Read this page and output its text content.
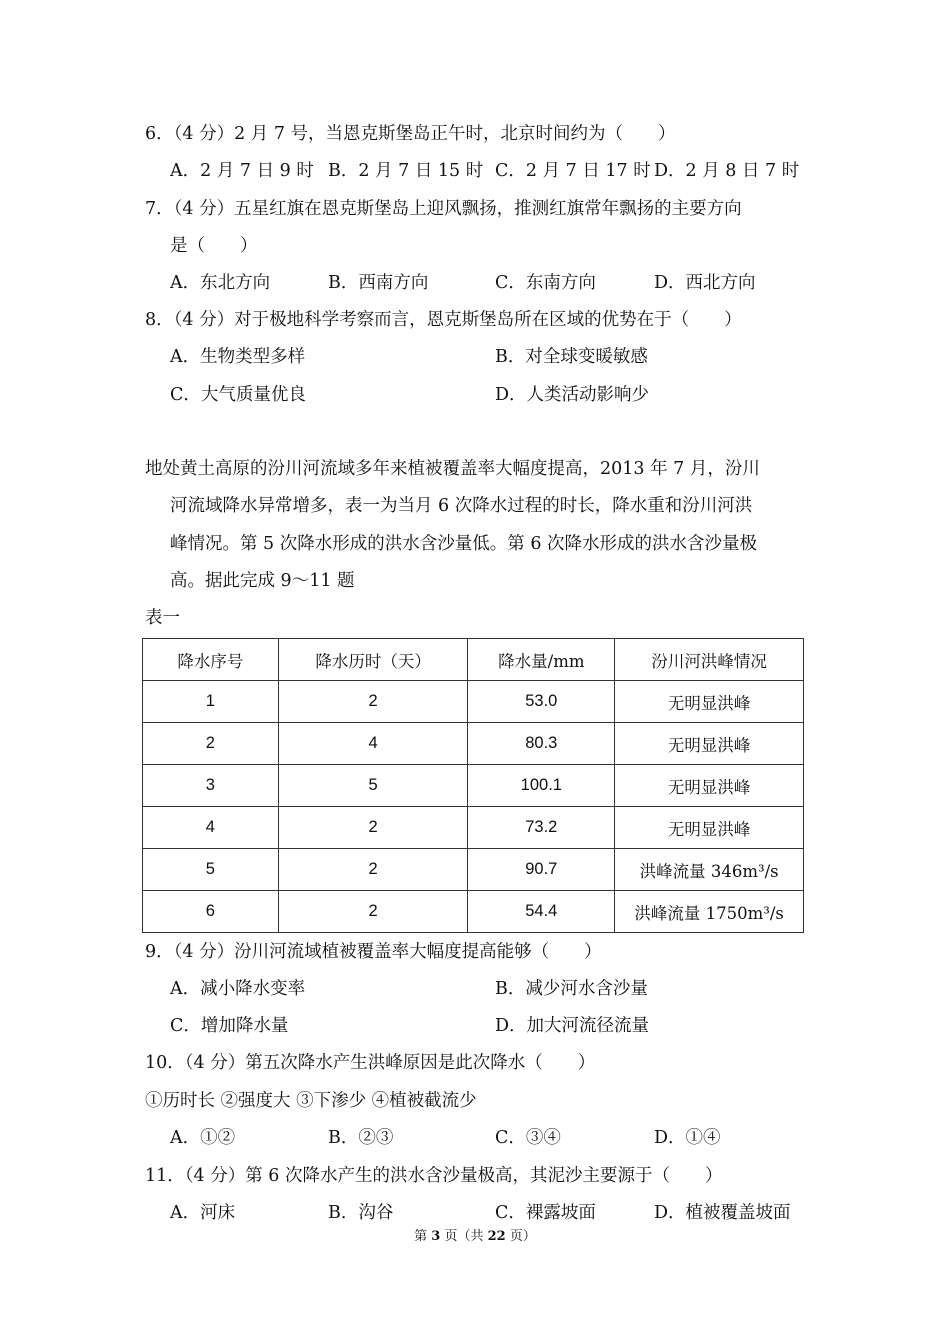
6．（4 分）2 月 7 号，当恩克斯堡岛正午时，北京时间约为（　　）
A．2 月 7 日 9 时 B．2 月 7 日 15 时 C．2 月 7 日 17 时 D．2 月 8 日 7 时
7．（4 分）五星红旗在恩克斯堡岛上迎风飘扬，推测红旗常年飘扬的主要方向
是（　　）
A．东北方向	B．西南方向	C．东南方向	D．西北方向
8．（4 分）对于极地科学考察而言，恩克斯堡岛所在区域的优势在于（　　）
A．生物类型多样	B．对全球变暖敏感
C．大气质量优良	D．人类活动影响少
地处黄土高原的汾川河流域多年来植被覆盖率大幅度提高，2013 年 7 月，汾川
河流域降水异常增多，表一为当月 6 次降水过程的时长，降水重和汾川河洪
峰情况。第 5 次降水形成的洪水含沙量低。第 6 次降水形成的洪水含沙量极
高。据此完成 9～11 题
表一
降水序号	降水历时（天）	降水量/mm	汾川河洪峰情况
1	2	53.0	无明显洪峰
2	4	80.3	无明显洪峰
3	5	100.1	无明显洪峰
4	2	73.2	无明显洪峰
5	2	90.7	洪峰流量 346m³/s
6	2	54.4	洪峰流量 1750m³/s
9．（4 分）汾川河流域植被覆盖率大幅度提高能够（　　）
A．减小降水变率	B．减少河水含沙量
C．增加降水量	D．加大河流径流量
10．（4 分）第五次降水产生洪峰原因是此次降水（　　）
①历时长 ②强度大 ③下渗少 ④植被截流少
A．①②	B．②③	C．③④	D．①④
11．（4 分）第 6 次降水产生的洪水含沙量极高，其泥沙主要源于（　　）
A．河床	B．沟谷	C．裸露坡面	D．植被覆盖坡面
第 3 页（共 22 页）
